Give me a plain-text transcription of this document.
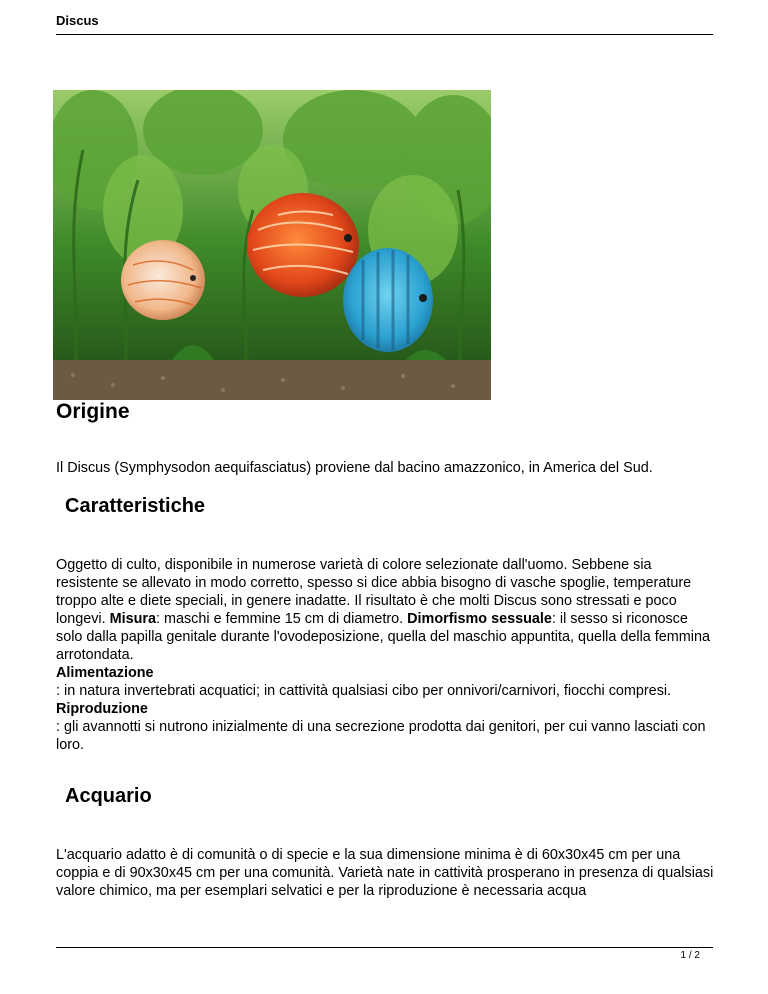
Discus
Origine

Il Discus (Symphysodon aequifasciatus) proviene dal bacino amazzonico, in America del Sud.

Caratteristiche
Oggetto di culto, disponibile in numerose varietà di colore selezionate dall'uomo. Sebbene sia resistente se allevato in modo corretto, spesso si dice abbia bisogno di vasche spoglie, temperature troppo alte e diete speciali, in genere inadatte. Il risultato è che molti Discus sono stressati e poco longevi. Misura: maschi e femmine 15 cm di diametro. Dimorfismo sessuale: il sesso si riconosce solo dalla papilla genitale durante l'ovodeposizione, quella del maschio appuntita, quella della femmina arrotondata.
Alimentazione
: in natura invertebrati acquatici; in cattività qualsiasi cibo per onnivori/carnivori, fiocchi compresi.
Riproduzione
: gli avannotti si nutrono inizialmente di una secrezione prodotta dai genitori, per cui vanno lasciati con loro.
Acquario

L'acquario adatto è di comunità o di specie e la sua dimensione minima è di 60x30x45 cm per una coppia e di 90x30x45 cm per una comunità. Varietà nate in cattività prosperano in presenza di qualsiasi valore chimico, ma per esemplari selvatici e per la riproduzione è necessaria acqua

1 / 2
